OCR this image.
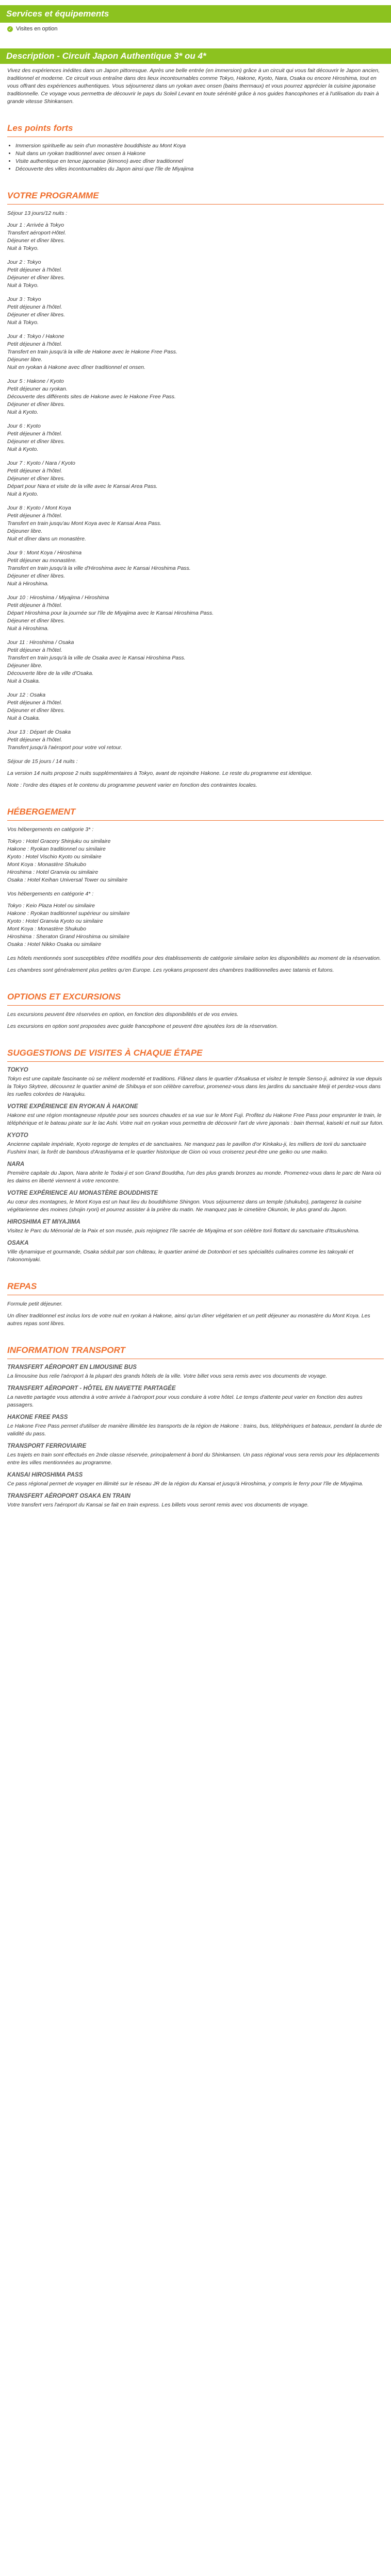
Services et équipements
✓ Visites en option
Description - Circuit Japon Authentique 3* ou 4*

Vivez des expériences inédites dans un Japon pittoresque. Après une belle entrée (en immersion) grâce à un circuit qui vous fait découvrir le Japon ancien, traditionnel et moderne. Ce circuit vous entraîne dans des lieux incontournables comme Tokyo, Hakone, Kyoto, Nara, Osaka ou encore Hiroshima, tout en vous offrant des expériences authentiques. Vous séjournerez dans un ryokan avec onsen (bains thermaux) et vous pourrez apprécier la cuisine japonaise traditionnelle. Ce voyage vous permettra de découvrir le pays du Soleil Levant en toute sérénité grâce à nos guides francophones et à l'utilisation du train à grande vitesse Shinkansen.

Les points forts
• Immersion spirituelle au sein d'un monastère bouddhiste au Mont Koya
• Nuit dans un ryokan traditionnel avec onsen à Hakone
• Visite authentique en tenue japonaise (kimono) avec dîner traditionnel
• Découverte des villes incontournables du Japon ainsi que l'île de Miyajima
VOTRE PROGRAMME

Séjour 13 jours/12 nuits :

Jour 1 : Arrivée à Tokyo
Transfert aéroport-Hôtel.
Déjeuner et dîner libres.
Nuit à Tokyo.
Jour 2 : Tokyo
Petit déjeuner à l'hôtel.
Déjeuner et dîner libres.
Nuit à Tokyo.
Jour 3 : Tokyo
Petit déjeuner à l'hôtel.
Déjeuner et dîner libres.
Nuit à Tokyo.
Jour 4 : Tokyo / Hakone
Petit déjeuner à l'hôtel.
Transfert en train jusqu'à la ville de Hakone avec le Hakone Free Pass.
Déjeuner libre.
Nuit en ryokan à Hakone avec dîner traditionnel et onsen.
Jour 5 : Hakone / Kyoto
Petit déjeuner au ryokan.
Découverte des différents sites de Hakone avec le Hakone Free Pass.
Déjeuner et dîner libres.
Nuit à Kyoto.
Jour 6 : Kyoto
Petit déjeuner à l'hôtel.
Déjeuner et dîner libres.
Nuit à Kyoto.
Jour 7 : Kyoto / Nara / Kyoto
Petit déjeuner à l'hôtel.
Déjeuner et dîner libres.
Départ pour Nara et visite de la ville avec le Kansai Area Pass.
Nuit à Kyoto.
Jour 8 : Kyoto / Mont Koya
Petit déjeuner à l'hôtel.
Transfert en train jusqu'au Mont Koya avec le Kansai Area Pass.
Déjeuner libre.
Nuit et dîner dans un monastère.
Jour 9 : Mont Koya / Hiroshima
Petit déjeuner au monastère.
Transfert en train jusqu'à la ville d'Hiroshima avec le Kansai Hiroshima Pass.
Déjeuner et dîner libres.
Nuit à Hiroshima.
Jour 10 : Hiroshima / Miyajima / Hiroshima
Petit déjeuner à l'hôtel.
Départ Hiroshima pour la journée sur l'île de Miyajima avec le Kansai Hiroshima Pass.
Déjeuner et dîner libres.
Nuit à Hiroshima.
Jour 11 : Hiroshima / Osaka
Petit déjeuner à l'hôtel.
Transfert en train jusqu'à la ville de Osaka avec le Kansai Hiroshima Pass.
Déjeuner libre.
Découverte libre de la ville d'Osaka.
Nuit à Osaka.
Jour 12 : Osaka
Petit déjeuner à l'hôtel.
Déjeuner et dîner libres.
Nuit à Osaka.
Jour 13 : Départ de Osaka
Petit déjeuner à l'hôtel.
Transfert jusqu'à l'aéroport pour votre vol retour.

Séjour de 15 jours / 14 nuits :

La version 14 nuits propose 2 nuits supplémentaires à Tokyo, avant de rejoindre Hakone. Le reste du programme est identique.

Note : l'ordre des étapes et le contenu du programme peuvent varier en fonction des contraintes locales.

HÉBERGEMENT

Vos hébergements en catégorie 3* :

Tokyo : Hotel Gracery Shinjuku ou similaire
Hakone : Ryokan traditionnel ou similaire
Kyoto : Hotel Vischio Kyoto ou similaire
Mont Koya : Monastère Shukubo
Hiroshima : Hotel Granvia ou similaire
Osaka : Hotel Keihan Universal Tower ou similaire

Vos hébergements en catégorie 4* :

Tokyo : Keio Plaza Hotel ou similaire
Hakone : Ryokan traditionnel supérieur ou similaire
Kyoto : Hotel Granvia Kyoto ou similaire
Mont Koya : Monastère Shukubo
Hiroshima : Sheraton Grand Hiroshima ou similaire
Osaka : Hotel Nikko Osaka ou similaire

Les hôtels mentionnés sont susceptibles d'être modifiés pour des établissements de catégorie similaire selon les disponibilités au moment de la réservation.

Les chambres sont généralement plus petites qu'en Europe. Les ryokans proposent des chambres traditionnelles avec tatamis et futons.

OPTIONS ET EXCURSIONS

Les excursions peuvent être réservées en option, en fonction des disponibilités et de vos envies.

Les excursions en option sont proposées avec guide francophone et peuvent être ajoutées lors de la réservation.

SUGGESTIONS DE VISITES À CHAQUE ÉTAPE
TOKYO

Tokyo est une capitale fascinante où se mêlent modernité et traditions. Flânez dans le quartier d'Asakusa et visitez le temple Senso-ji, admirez la vue depuis la Tokyo Skytree, découvrez le quartier animé de Shibuya et son célèbre carrefour, promenez-vous dans les jardins du sanctuaire Meiji et perdez-vous dans les ruelles colorées de Harajuku.

VOTRE EXPÉRIENCE EN RYOKAN À HAKONE

Hakone est une région montagneuse réputée pour ses sources chaudes et sa vue sur le Mont Fuji. Profitez du Hakone Free Pass pour emprunter le train, le téléphérique et le bateau pirate sur le lac Ashi. Votre nuit en ryokan vous permettra de découvrir l'art de vivre japonais : bain thermal, kaiseki et nuit sur futon.

KYOTO

Ancienne capitale impériale, Kyoto regorge de temples et de sanctuaires. Ne manquez pas le pavillon d'or Kinkaku-ji, les milliers de torii du sanctuaire Fushimi Inari, la forêt de bambous d'Arashiyama et le quartier historique de Gion où vous croiserez peut-être une geiko ou une maiko.

NARA

Première capitale du Japon, Nara abrite le Todai-ji et son Grand Bouddha, l'un des plus grands bronzes au monde. Promenez-vous dans le parc de Nara où les daims en liberté viennent à votre rencontre.

VOTRE EXPÉRIENCE AU MONASTÈRE BOUDDHISTE

Au cœur des montagnes, le Mont Koya est un haut lieu du bouddhisme Shingon. Vous séjournerez dans un temple (shukubo), partagerez la cuisine végétarienne des moines (shojin ryori) et pourrez assister à la prière du matin. Ne manquez pas le cimetière Okunoin, le plus grand du Japon.

HIROSHIMA ET MIYAJIMA

Visitez le Parc du Mémorial de la Paix et son musée, puis rejoignez l'île sacrée de Miyajima et son célèbre torii flottant du sanctuaire d'Itsukushima.

OSAKA

Ville dynamique et gourmande, Osaka séduit par son château, le quartier animé de Dotonbori et ses spécialités culinaires comme les takoyaki et l'okonomiyaki.

REPAS

Formule petit déjeuner.

Un dîner traditionnel est inclus lors de votre nuit en ryokan à Hakone, ainsi qu'un dîner végétarien et un petit déjeuner au monastère du Mont Koya. Les autres repas sont libres.

INFORMATION TRANSPORT
TRANSFERT AÉROPORT EN LIMOUSINE BUS

La limousine bus relie l'aéroport à la plupart des grands hôtels de la ville. Votre billet vous sera remis avec vos documents de voyage.

TRANSFERT AÉROPORT - HÔTEL EN NAVETTE PARTAGÉE

La navette partagée vous attendra à votre arrivée à l'aéroport pour vous conduire à votre hôtel. Le temps d'attente peut varier en fonction des autres passagers.

HAKONE FREE PASS

Le Hakone Free Pass permet d'utiliser de manière illimitée les transports de la région de Hakone : trains, bus, téléphériques et bateaux, pendant la durée de validité du pass.

TRANSPORT FERROVIAIRE

Les trajets en train sont effectués en 2nde classe réservée, principalement à bord du Shinkansen. Un pass régional vous sera remis pour les déplacements entre les villes mentionnées au programme.

KANSAI HIROSHIMA PASS

Ce pass régional permet de voyager en illimité sur le réseau JR de la région du Kansai et jusqu'à Hiroshima, y compris le ferry pour l'île de Miyajima.

TRANSFERT AÉROPORT OSAKA EN TRAIN

Votre transfert vers l'aéroport du Kansai se fait en train express. Les billets vous seront remis avec vos documents de voyage.
